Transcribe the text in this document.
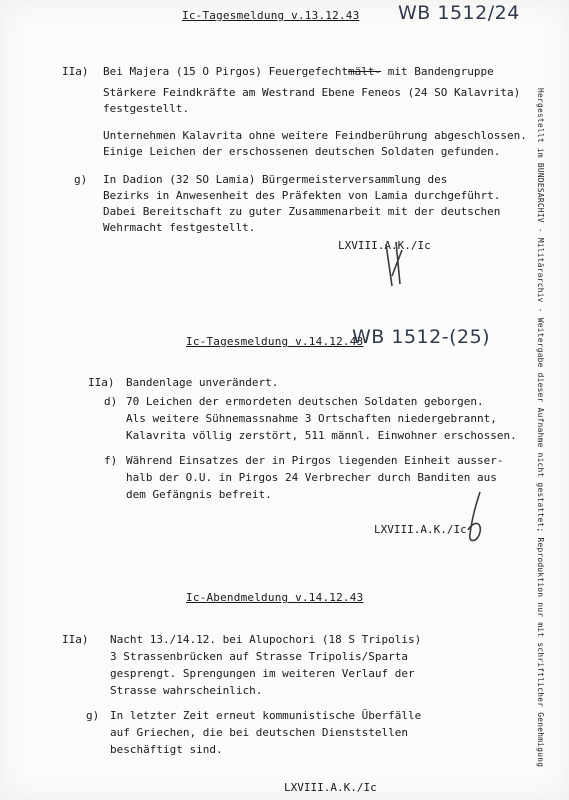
Ic-Tagesmeldung v.13.12.43 WB 1512/24
IIa) Bei Majera (15 O Pirgos) Feuergefechtmält- mit Bandengruppe
Stärkere Feindkräfte am Westrand Ebene Feneos (24 SO Kalavrita)
festgestellt.
Unternehmen Kalavrita ohne weitere Feindberührung abgeschlossen.
Einige Leichen der erschossenen deutschen Soldaten gefunden.
g) In Dadion (32 SO Lamia) Bürgermeisterversammlung des
Bezirks in Anwesenheit des Präfekten von Lamia durchgeführt.
Dabei Bereitschaft zu guter Zusammenarbeit mit der deutschen
Wehrmacht festgestellt.
LXVIII.A.K./Ic
Ic-Tagesmeldung v.14.12.43
WB 1512-(25)
IIa) Bandenlage unverändert.
d) 70 Leichen der ermordeten deutschen Soldaten geborgen.
Als weitere Sühnemassnahme 3 Ortschaften niedergebrannt,
Kalavrita völlig zerstört, 511 männl. Einwohner erschossen.
f) Während Einsatzes der in Pirgos liegenden Einheit ausser-
halb der O.U. in Pirgos 24 Verbrecher durch Banditen aus
dem Gefängnis befreit.
LXVIII.A.K./Ic
Ic-Abendmeldung v.14.12.43
IIa) Nacht 13./14.12. bei Alupochori (18 S Tripolis)
3 Strassenbrücken auf Strasse Tripolis/Sparta
gesprengt. Sprengungen im weiteren Verlauf der
Strasse wahrscheinlich.
g) In letzter Zeit erneut kommunistische Überfälle
auf Griechen, die bei deutschen Dienststellen
beschäftigt sind.
LXVIII.A.K./Ic
Hergestellt im BUNDESARCHIV - Militärarchiv - Weitergabe dieser Aufnahme nicht gestattet; Reproduktion nur mit schriftlicher Genehmigung
